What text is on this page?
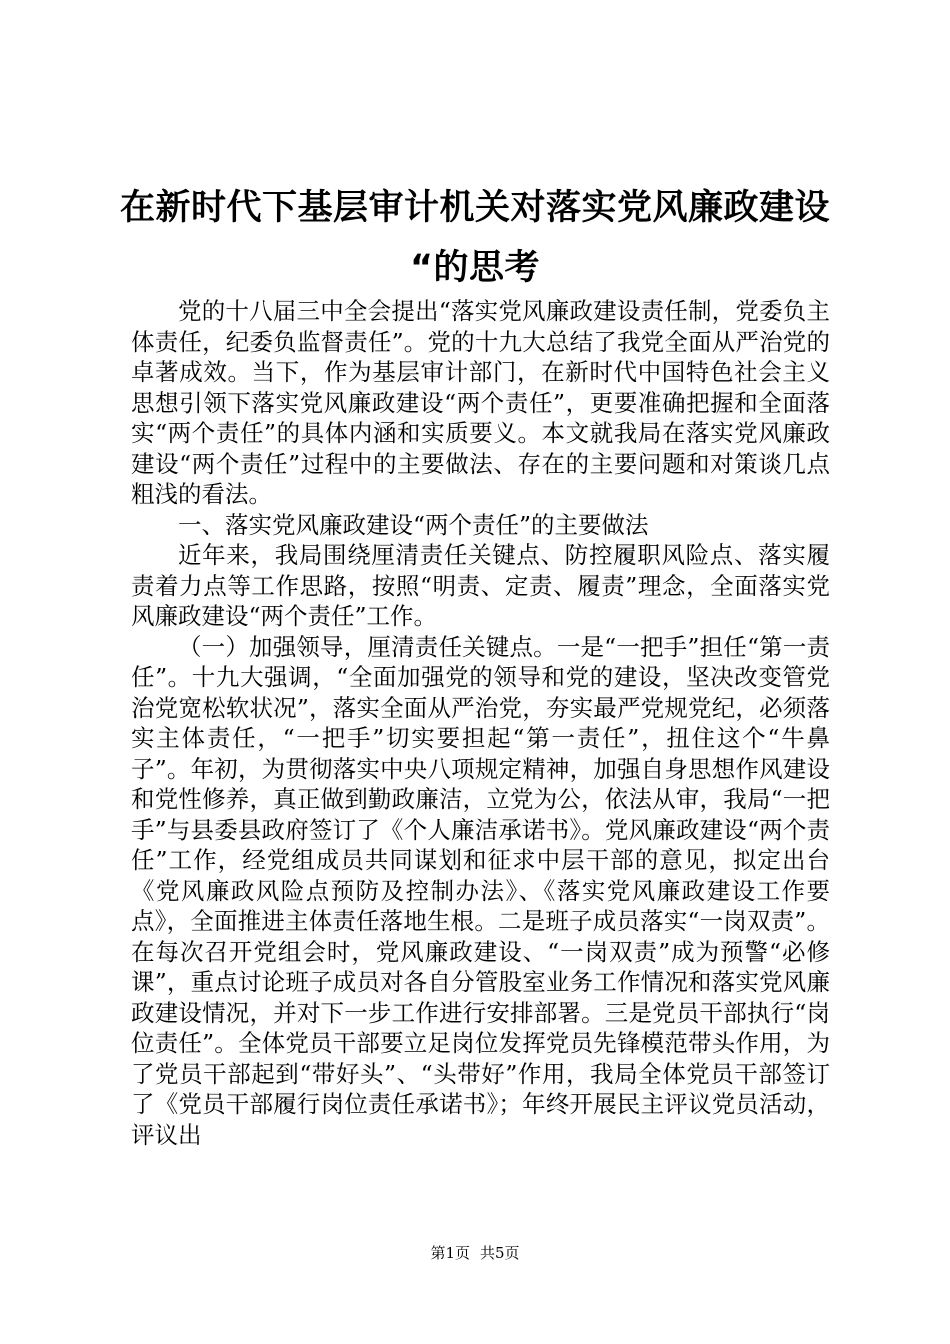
在新时代下基层审计机关对落实党风廉政建设
“的思考

党的十八届三中全会提出“落实党风廉政建设责任制，党委负主体责任，纪委负监督责任”。党的十九大总结了我党全面从严治党的卓著成效。当下，作为基层审计部门，在新时代中国特色社会主义思想引领下落实党风廉政建设“两个责任”，更要准确把握和全面落实“两个责任”的具体内涵和实质要义。本文就我局在落实党风廉政建设“两个责任”过程中的主要做法、存在的主要问题和对策谈几点粗浅的看法。

一、落实党风廉政建设“两个责任”的主要做法

近年来，我局围绕厘清责任关键点、防控履职风险点、落实履责着力点等工作思路，按照“明责、定责、履责”理念，全面落实党风廉政建设“两个责任”工作。

（一）加强领导，厘清责任关键点。一是“一把手”担任“第一责任”。十九大强调，“全面加强党的领导和党的建设，坚决改变管党治党宽松软状况”，落实全面从严治党，夯实最严党规党纪，必须落实主体责任，“一把手”切实要担起“第一责任”，扭住这个“牛鼻子”。年初，为贯彻落实中央八项规定精神，加强自身思想作风建设和党性修养，真正做到勤政廉洁，立党为公，依法从审，我局“一把手”与县委县政府签订了《个人廉洁承诺书》。党风廉政建设“两个责任”工作，经党组成员共同谋划和征求中层干部的意见，拟定出台《党风廉政风险点预防及控制办法》、《落实党风廉政建设工作要点》，全面推进主体责任落地生根。二是班子成员落实“一岗双责”。在每次召开党组会时，党风廉政建设、“一岗双责”成为预警“必修课”，重点讨论班子成员对各自分管股室业务工作情况和落实党风廉政建设情况，并对下一步工作进行安排部署。三是党员干部执行“岗位责任”。全体党员干部要立足岗位发挥党员先锋模范带头作用，为了党员干部起到“带好头”、“头带好”作用，我局全体党员干部签订了《党员干部履行岗位责任承诺书》；年终开展民主评议党员活动，评议出

第1页 共5页
